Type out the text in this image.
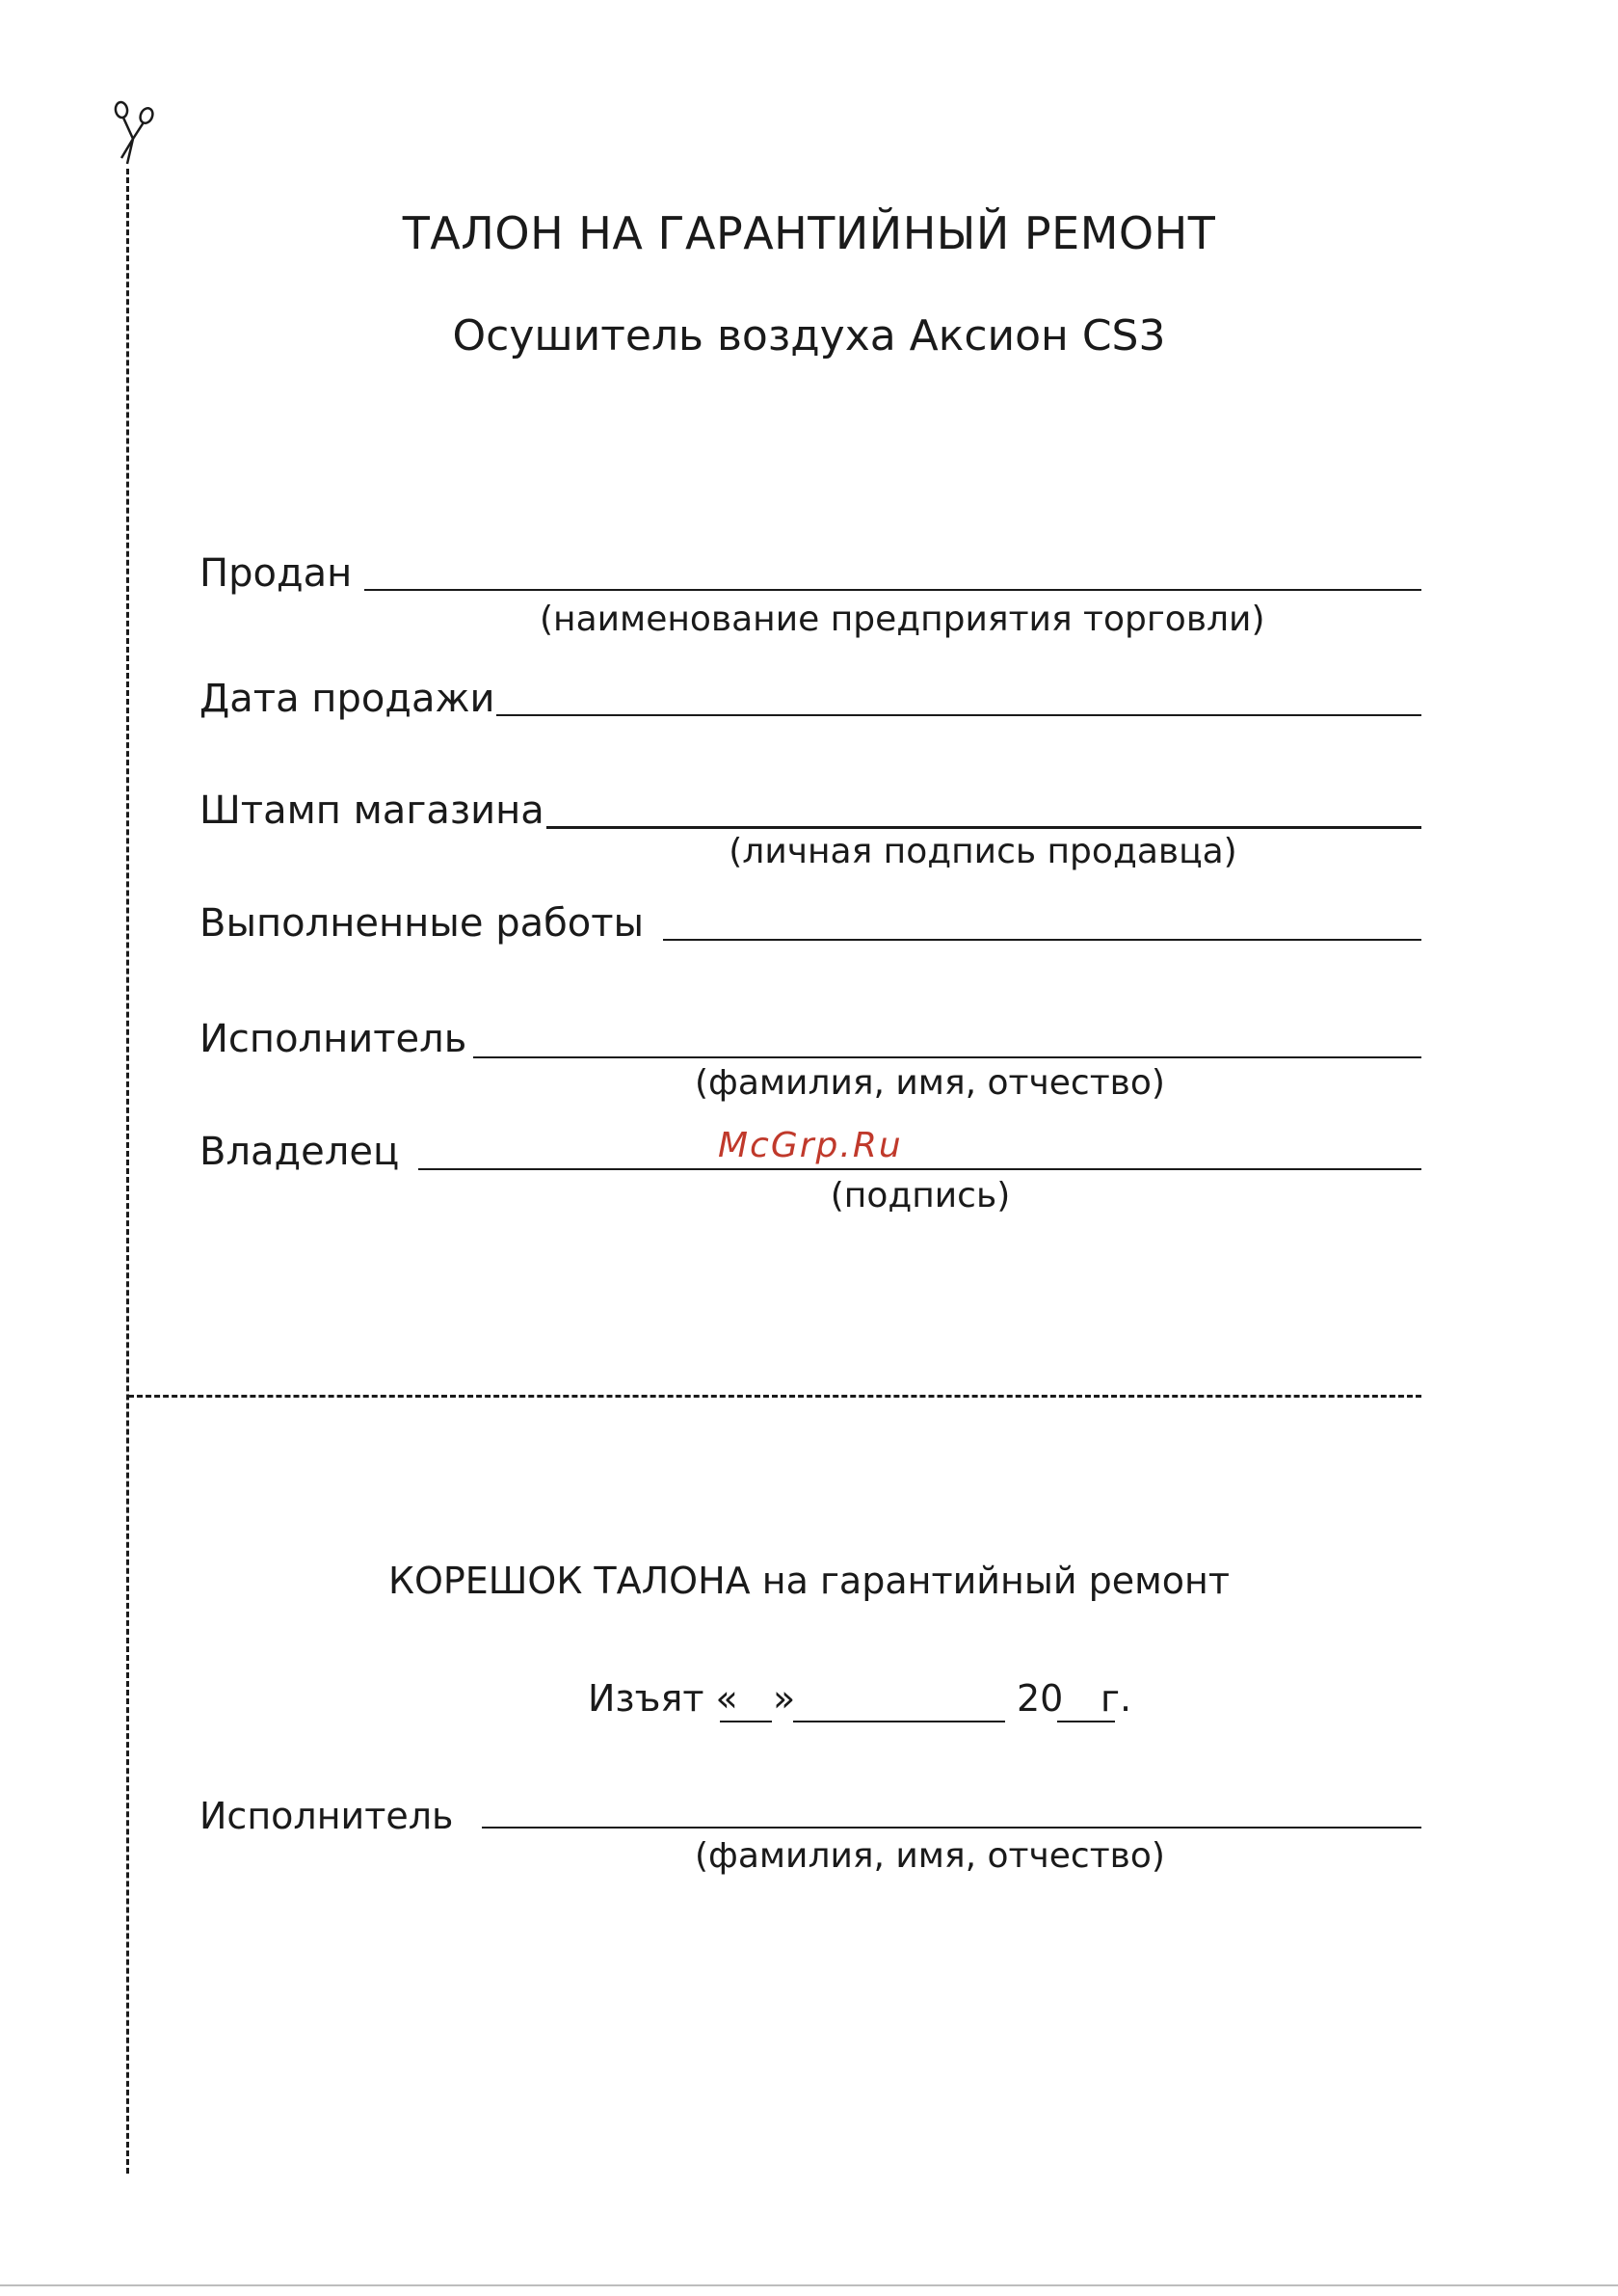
ТАЛОН НА ГАРАНТИЙНЫЙ РЕМОНТ
Осушитель воздуха Аксион CS3
Продан
(наименование предприятия торговли)
Дата продажи
Штамп магазина
(личная подпись продавца)
Выполненные работы
Исполнитель
(фамилия, имя, отчество)
Владелец	McGrp.Ru
(подпись)
КОРЕШОК ТАЛОНА на гарантийный ремонт
Изъят « »	20 г.
Исполнитель
(фамилия, имя, отчество)
